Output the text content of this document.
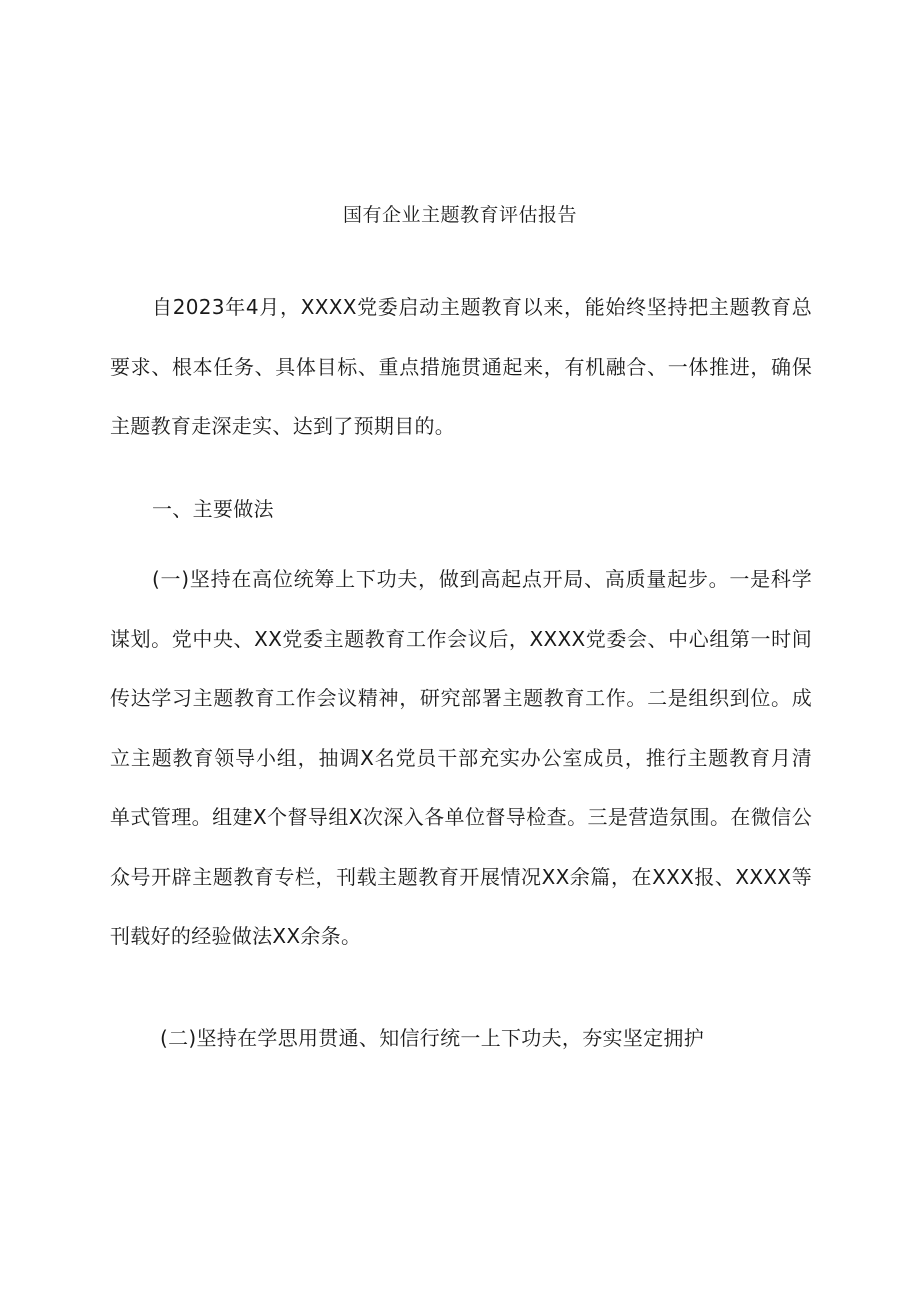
国有企业主题教育评估报告

自2023年4月，XXXX党委启动主题教育以来，能始终坚持把主题教育总要求、根本任务、具体目标、重点措施贯通起来，有机融合、一体推进，确保主题教育走深走实、达到了预期目的。

一、主要做法

(一)坚持在高位统筹上下功夫，做到高起点开局、高质量起步。一是科学谋划。党中央、XX党委主题教育工作会议后，XXXX党委会、中心组第一时间传达学习主题教育工作会议精神，研究部署主题教育工作。二是组织到位。成立主题教育领导小组，抽调X名党员干部充实办公室成员，推行主题教育月清单式管理。组建X个督导组X次深入各单位督导检查。三是营造氛围。在微信公众号开辟主题教育专栏，刊载主题教育开展情况XX余篇，在XXX报、XXXX等刊载好的经验做法XX余条。

(二)坚持在学思用贯通、知信行统一上下功夫，夯实坚定拥护
